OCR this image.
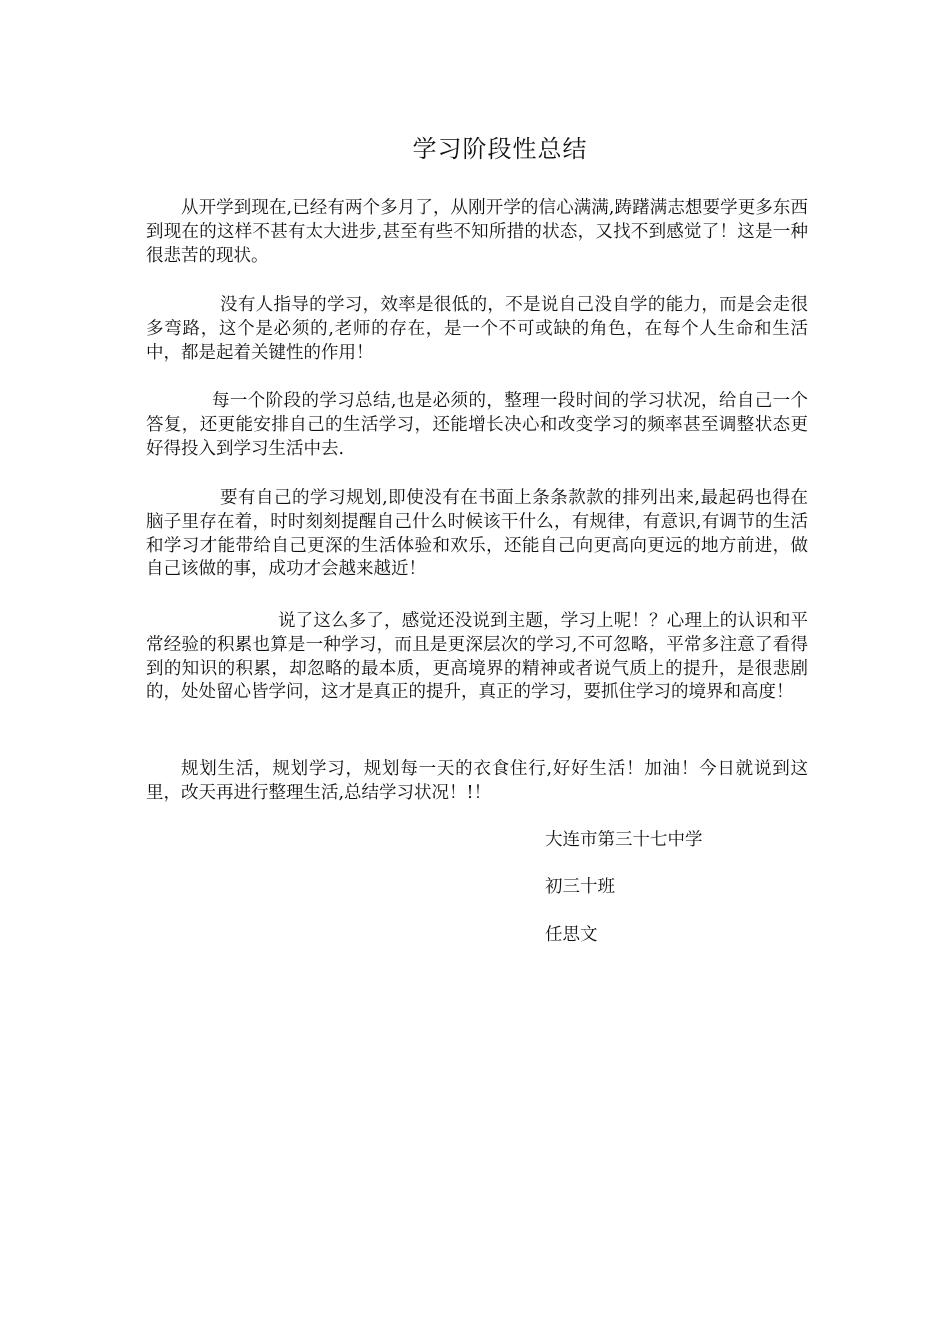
学习阶段性总结

从开学到现在,已经有两个多月了，从刚开学的信心满满,踌躇满志想要学更多东西到现在的这样不甚有太大进步,甚至有些不知所措的状态，又找不到感觉了！这是一种很悲苦的现状。

没有人指导的学习，效率是很低的，不是说自己没自学的能力，而是会走很多弯路，这个是必须的,老师的存在，是一个不可或缺的角色，在每个人生命和生活中，都是起着关键性的作用！

每一个阶段的学习总结,也是必须的，整理一段时间的学习状况，给自己一个答复，还更能安排自己的生活学习，还能增长决心和改变学习的频率甚至调整状态更好得投入到学习生活中去.

要有自己的学习规划,即使没有在书面上条条款款的排列出来,最起码也得在脑子里存在着，时时刻刻提醒自己什么时候该干什么，有规律，有意识,有调节的生活和学习才能带给自己更深的生活体验和欢乐，还能自己向更高向更远的地方前进，做自己该做的事，成功才会越来越近！

说了这么多了，感觉还没说到主题，学习上呢！？心理上的认识和平常经验的积累也算是一种学习，而且是更深层次的学习,不可忽略，平常多注意了看得到的知识的积累，却忽略的最本质，更高境界的精神或者说气质上的提升，是很悲剧的，处处留心皆学问，这才是真正的提升，真正的学习，要抓住学习的境界和高度！

规划生活，规划学习，规划每一天的衣食住行,好好生活！加油！今日就说到这里，改天再进行整理生活,总结学习状况！!！

大连市第三十七中学

初三十班

任思文
